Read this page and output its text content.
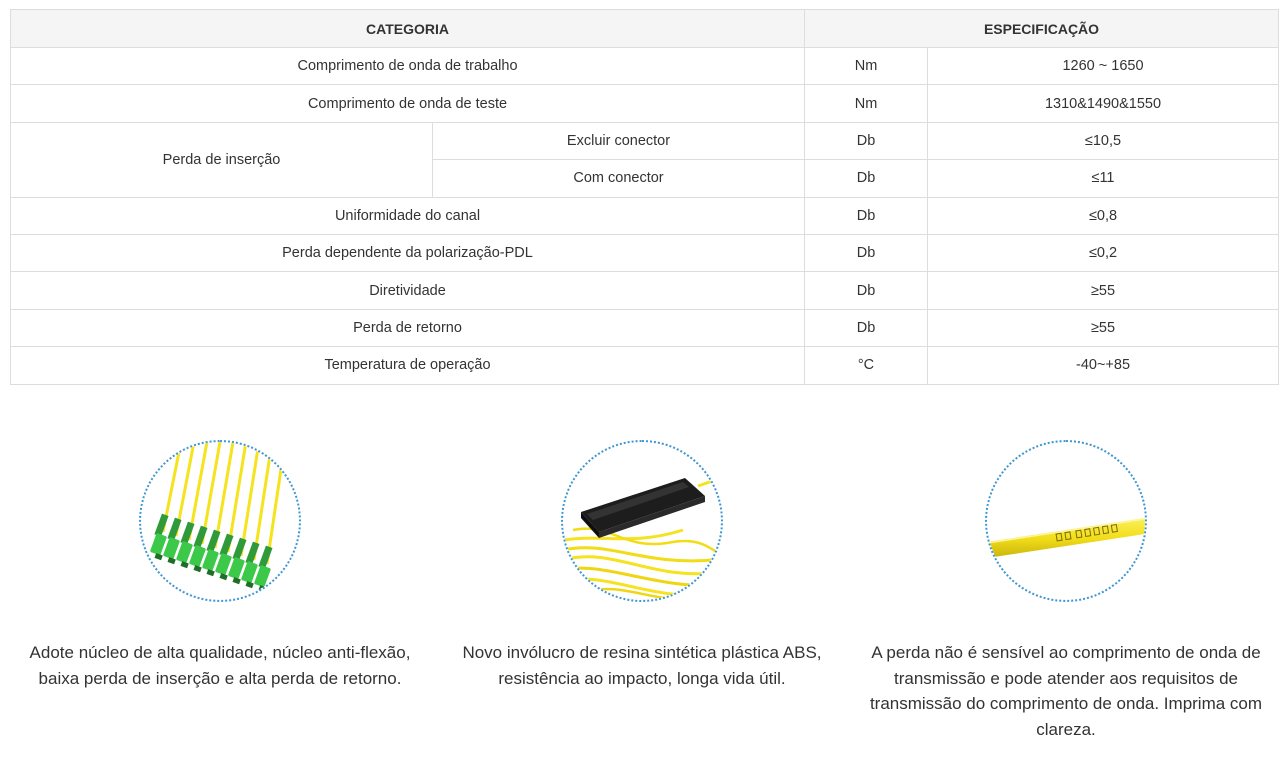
CATEGORIA		ESPECIFICAÇÃO	
Comprimento de onda de trabalho		Nm	1260 ~ 1650
Comprimento de onda de teste		Nm	1310&1490&1550
Perda de inserção	Excluir conector	Db	≤10,5
	Com conector	Db	≤11
Uniformidade do canal		Db	≤0,8
Perda dependente da polarização-PDL		Db	≤0,2
Diretividade		Db	≥55
Perda de retorno		Db	≥55
Temperatura de operação		°C	-40~+85
Adote núcleo de alta qualidade, núcleo anti-flexão, baixa perda de inserção e alta perda de retorno.
Novo invólucro de resina sintética plástica ABS, resistência ao impacto, longa vida útil.
A perda não é sensível ao comprimento de onda de transmissão e pode atender aos requisitos de transmissão do comprimento de onda. Imprima com clareza.
